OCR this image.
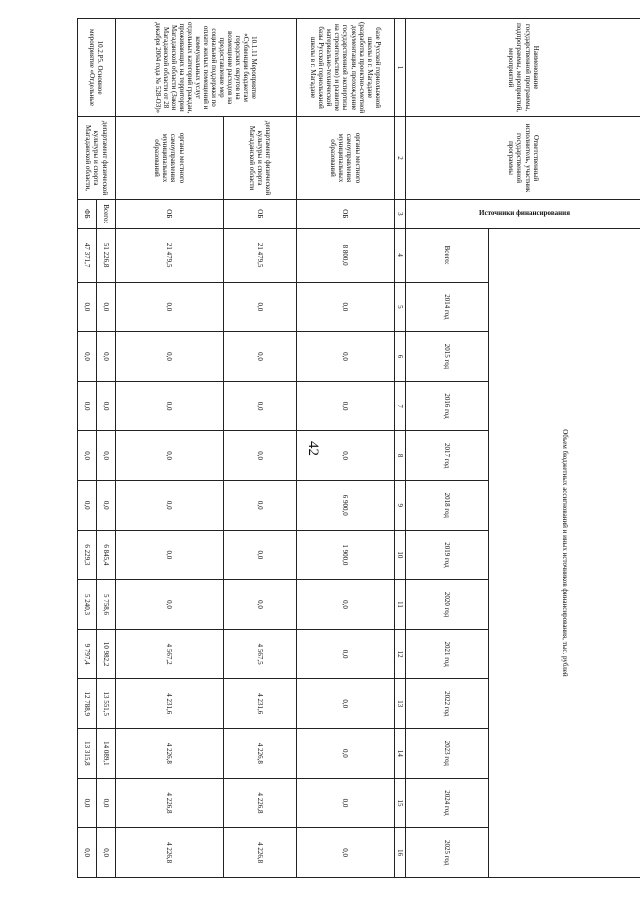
42
Наименование государственной программы, подпрограммы, мероприятий, мероприятий	Ответственный исполнитель, участник государственной программы	Источники финансирования	Объем бюджетных ассигнований и иных источников финансирования, тыс. рублей												
			Всего:	2014 год	2015 год	2016 год	2017 год	2018 год	2019 год	2020 год	2021 год	2022 год	2023 год	2024 год	2025 год
1	2	3	4	5	6	7	8	9	10	11	12	13	14	15	16
базе Русской горнолыжной школы в г. Магадане (разработка проектно-сметной документации, прохождение государственной экспертизы на строительство) и развитие материально-технической базы Русской горнолыжной школы в г. Магадане	органы местного самоуправления муниципальных образований	ОБ	8 800,0	0,0	0,0	0,0	0,0	6 900,0	1 900,0	0,0	0,0	0,0	0,0	0,0	0,0
10.1.11 Мероприятие «Субвенции бюджетам городских округов на возмещение расходов на предоставление мер социальной поддержки по оплате жилых помещений и коммунальных услуг отдельных категорий граждан, проживающих на территории Магаданской области (Закон Магаданской области от 28 декабря 2004 года № 528-ОЗ)»	департамент физической культуры и спорта Магаданской области	ОБ	21 479,5	0,0	0,0	0,0	0,0	0,0	0,0	0,0	4 567,5	4 231,6	4 226,8	4 226,8	4 226,8
	органы местного самоуправления муниципальных образований	ОБ	21 479,5	0,0	0,0	0,0	0,0	0,0	0,0	0,0	4 567,2	4 231,6	4 226,8	4 226,8	4 226,8
10.2.Р5. Основное мероприятие «Отдельные	департамент физической культуры и спорта Магаданской области,	Всего:	51 226,8	0,0	0,0	0,0	0,0	0,0	6 845,4	5 758,6	10 982,2	13 551,5	14 089,1	0,0	0,0
		ФБ	47 371,7	0,0	0,0	0,0	0,0	0,0	6 229,3	5 240,3	9 797,4	12 788,9	13 315,8	0,0	0,0
